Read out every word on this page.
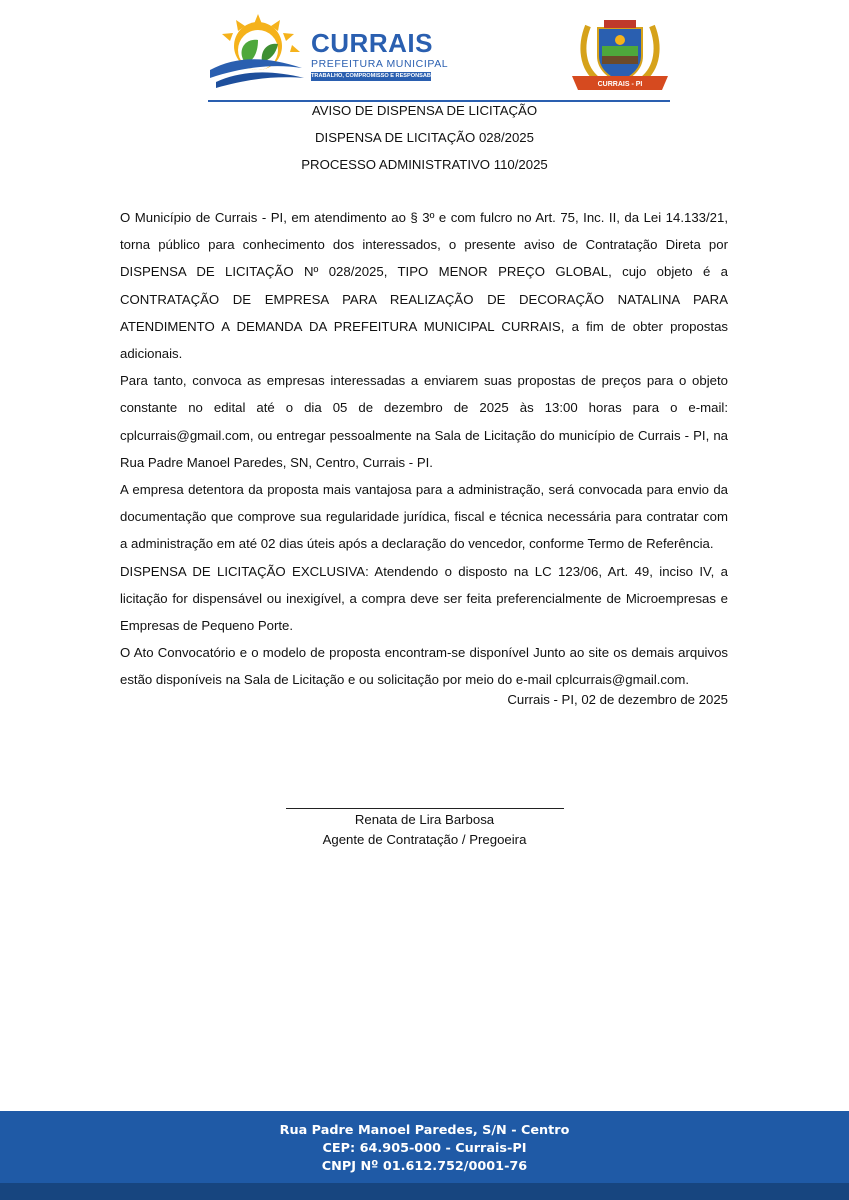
CURRAIS
PREFEITURA MUNICIPAL
TRABALHO, COMPROMISSO E RESPONSABILIDADE
CURRAIS - PI
AVISO DE DISPENSA DE LICITAÇÃO
DISPENSA DE LICITAÇÃO 028/2025
PROCESSO ADMINISTRATIVO 110/2025

O Município de Currais - PI, em atendimento ao § 3º e com fulcro no Art. 75, Inc. II, da Lei 14.133/21, torna público para conhecimento dos interessados, o presente aviso de Contratação Direta por DISPENSA DE LICITAÇÃO Nº 028/2025, TIPO MENOR PREÇO GLOBAL, cujo objeto é a CONTRATAÇÃO DE EMPRESA PARA REALIZAÇÃO DE DECORAÇÃO NATALINA PARA ATENDIMENTO A DEMANDA DA PREFEITURA MUNICIPAL CURRAIS, a fim de obter propostas adicionais.

Para tanto, convoca as empresas interessadas a enviarem suas propostas de preços para o objeto constante no edital até o dia 05 de dezembro de 2025 às 13:00 horas para o e-mail: cplcurrais@gmail.com, ou entregar pessoalmente na Sala de Licitação do município de Currais - PI, na Rua Padre Manoel Paredes, SN, Centro, Currais - PI.

A empresa detentora da proposta mais vantajosa para a administração, será convocada para envio da documentação que comprove sua regularidade jurídica, fiscal e técnica necessária para contratar com a administração em até 02 dias úteis após a declaração do vencedor, conforme Termo de Referência.

DISPENSA DE LICITAÇÃO EXCLUSIVA: Atendendo o disposto na LC 123/06, Art. 49, inciso IV, a licitação for dispensável ou inexigível, a compra deve ser feita preferencialmente de Microempresas e Empresas de Pequeno Porte.

O Ato Convocatório e o modelo de proposta encontram-se disponível Junto ao site os demais arquivos estão disponíveis na Sala de Licitação e ou solicitação por meio do e-mail cplcurrais@gmail.com.

Currais - PI, 02 de dezembro de 2025
Renata de Lira Barbosa
Agente de Contratação / Pregoeira
Rua Padre Manoel Paredes, S/N - Centro
CEP: 64.905-000 - Currais-PI
CNPJ Nº 01.612.752/0001-76
